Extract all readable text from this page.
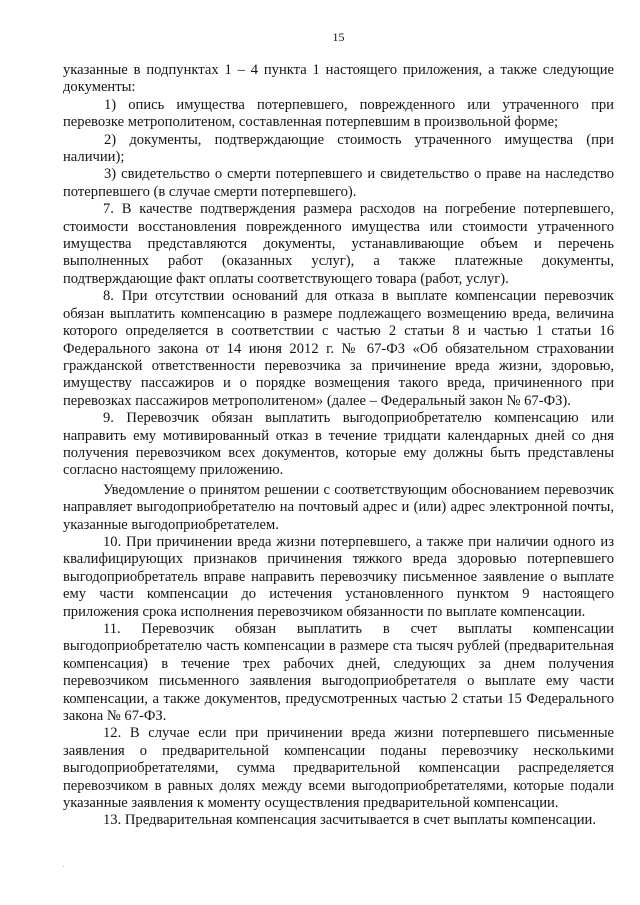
15

указанные в подпунктах 1 – 4 пункта 1 настоящего приложения, а также следующие документы:

1) опись имущества потерпевшего, поврежденного или утраченного при перевозке метрополитеном, составленная потерпевшим в произвольной форме;

2) документы, подтверждающие стоимость утраченного имущества (при наличии);

3) свидетельство о смерти потерпевшего и свидетельство о праве на наследство потерпевшего (в случае смерти потерпевшего).

7. В качестве подтверждения размера расходов на погребение потерпевшего, стоимости восстановления поврежденного имущества или стоимости утраченного имущества представляются документы, устанавливающие объем и перечень выполненных работ (оказанных услуг), а также платежные документы, подтверждающие факт оплаты соответствующего товара (работ, услуг).

8. При отсутствии оснований для отказа в выплате компенсации перевозчик обязан выплатить компенсацию в размере подлежащего возмещению вреда, величина которого определяется в соответствии с частью 2 статьи 8 и частью 1 статьи 16 Федерального закона от 14 июня 2012 г. № 67-ФЗ «Об обязательном страховании гражданской ответственности перевозчика за причинение вреда жизни, здоровью, имуществу пассажиров и о порядке возмещения такого вреда, причиненного при перевозках пассажиров метрополитеном» (далее – Федеральный закон № 67-ФЗ).

9. Перевозчик обязан выплатить выгодоприобретателю компенсацию или направить ему мотивированный отказ в течение тридцати календарных дней со дня получения перевозчиком всех документов, которые ему должны быть представлены согласно настоящему приложению.

Уведомление о принятом решении с соответствующим обоснованием перевозчик направляет выгодоприобретателю на почтовый адрес и (или) адрес электронной почты, указанные выгодоприобретателем.

10. При причинении вреда жизни потерпевшего, а также при наличии одного из квалифицирующих признаков причинения тяжкого вреда здоровью потерпевшего выгодоприобретатель вправе направить перевозчику письменное заявление о выплате ему части компенсации до истечения установленного пунктом 9 настоящего приложения срока исполнения перевозчиком обязанности по выплате компенсации.

11. Перевозчик обязан выплатить в счет выплаты компенсации выгодоприобретателю часть компенсации в размере ста тысяч рублей (предварительная компенсация) в течение трех рабочих дней, следующих за днем получения перевозчиком письменного заявления выгодоприобретателя о выплате ему части компенсации, а также документов, предусмотренных частью 2 статьи 15 Федерального закона № 67-ФЗ.

12. В случае если при причинении вреда жизни потерпевшего письменные заявления о предварительной компенсации поданы перевозчику несколькими выгодоприобретателями, сумма предварительной компенсации распределяется перевозчиком в равных долях между всеми выгодоприобретателями, которые подали указанные заявления к моменту осуществления предварительной компенсации.

13. Предварительная компенсация засчитывается в счет выплаты компенсации.
